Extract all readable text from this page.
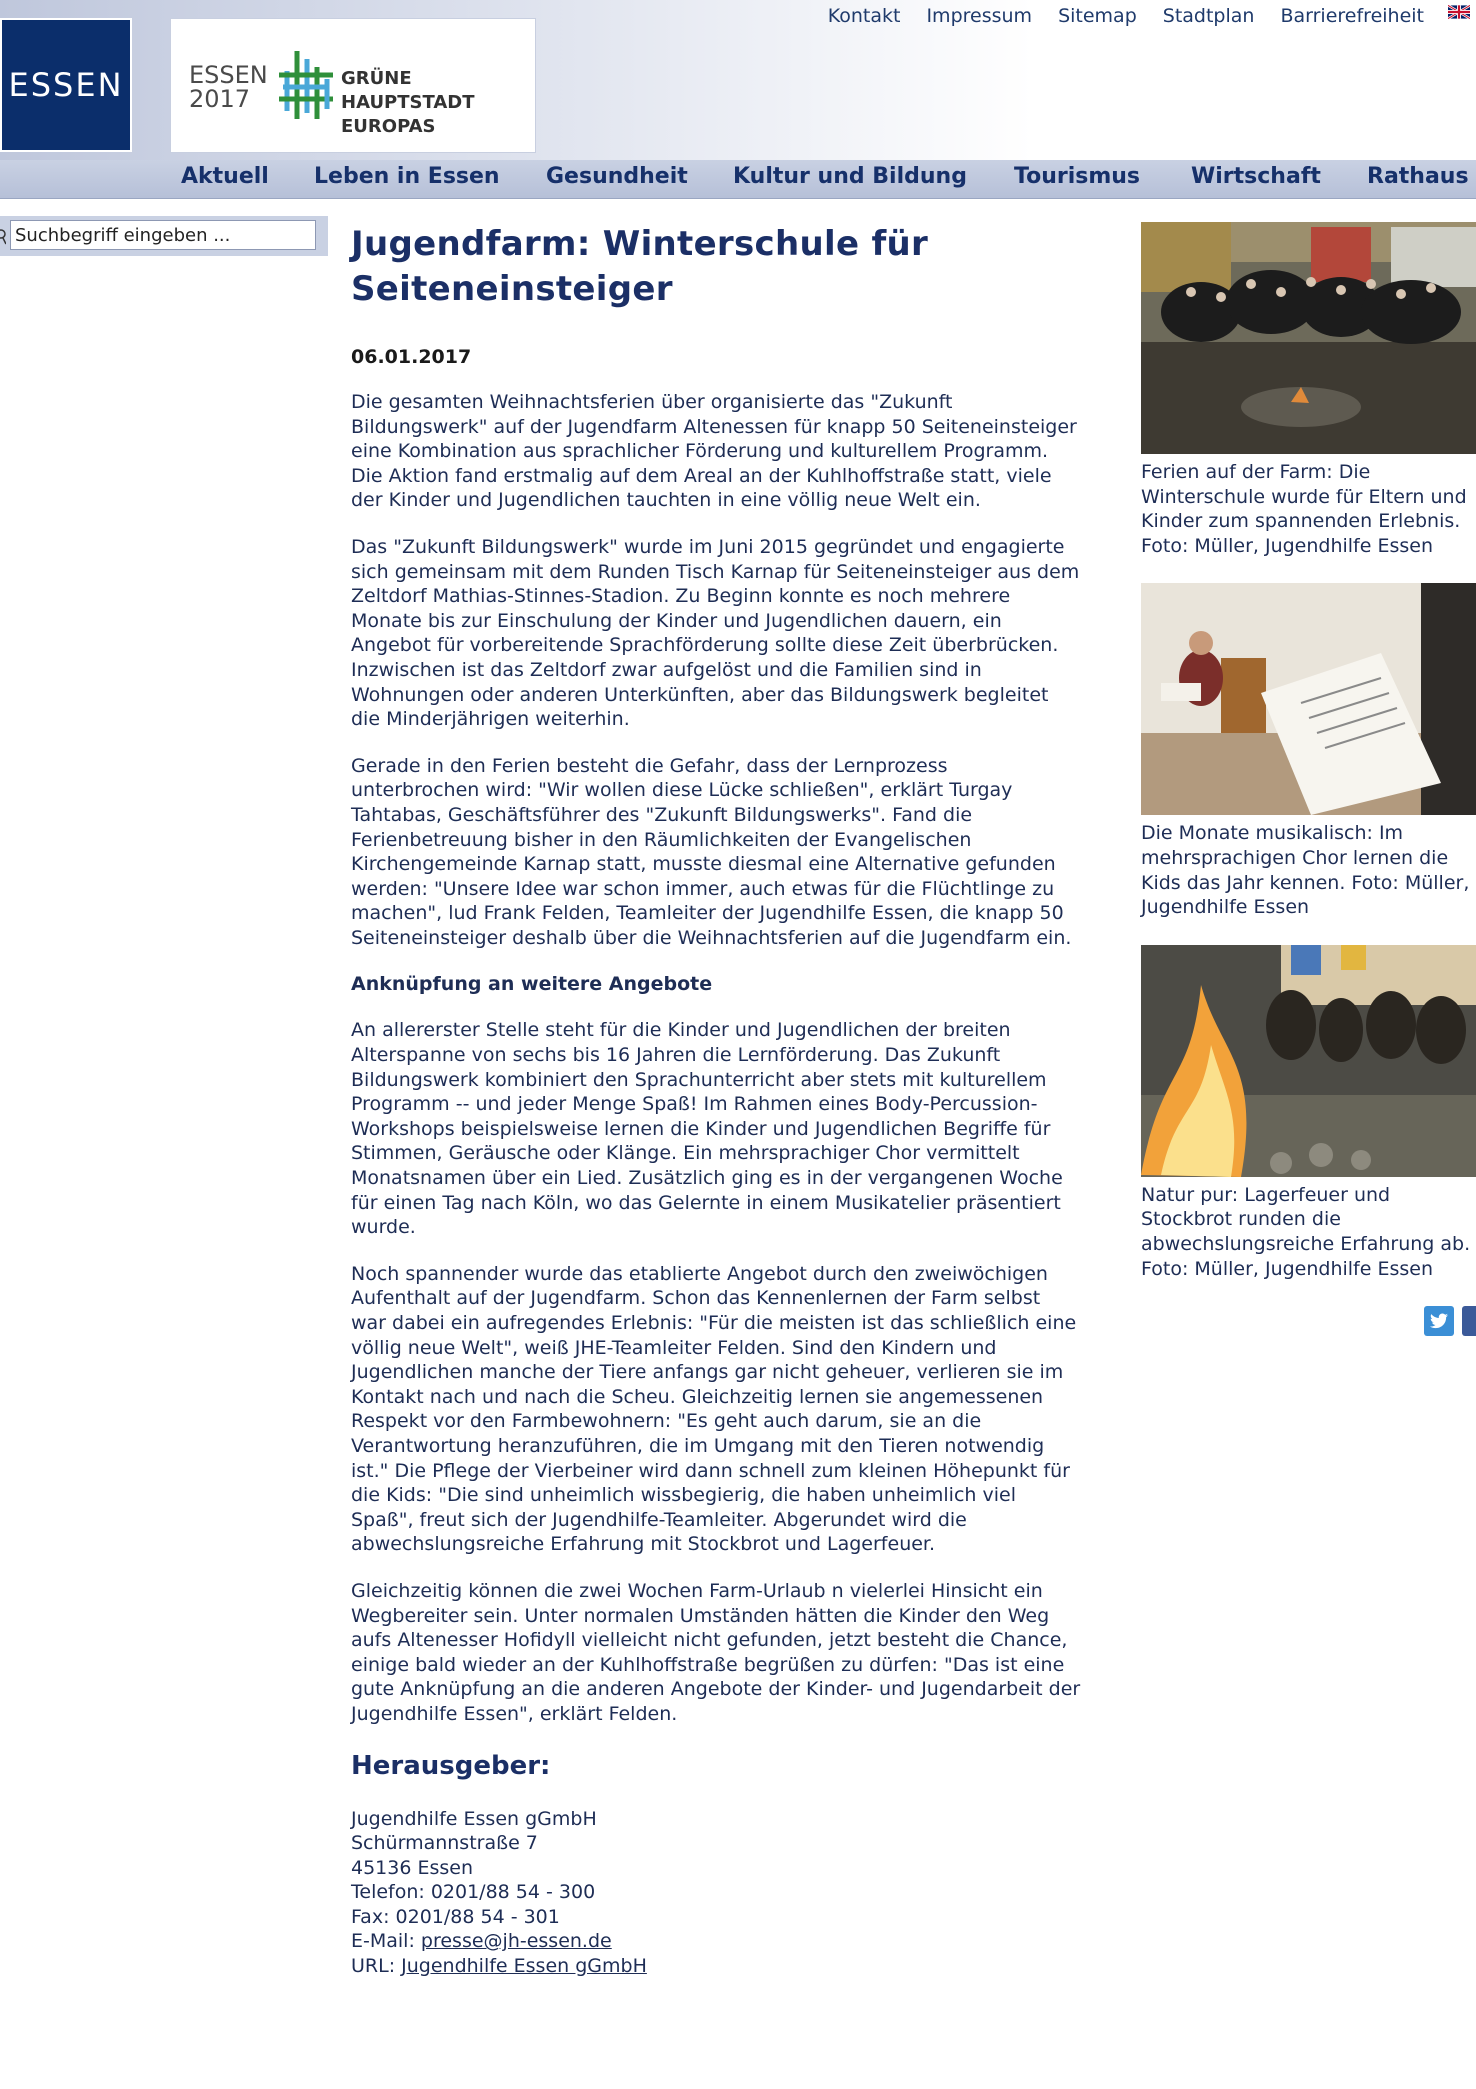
ESSEN	ESSEN
2017
GRÜNE HAUPTSTADT
EUROPAS
Kontakt Impressum Sitemap Stadtplan Barrierefreiheit
Aktuell Leben in Essen Gesundheit Kultur und Bildung Tourismus Wirtschaft Rathaus
Suchbegriff eingeben ...
Jugendfarm: Winterschule für Seiteneinsteiger
06.01.2017

Die gesamten Weihnachtsferien über organisierte das "Zukunft Bildungswerk" auf der Jugendfarm Altenessen für knapp 50 Seiteneinsteiger eine Kombination aus sprachlicher Förderung und kulturellem Programm. Die Aktion fand erstmalig auf dem Areal an der Kuhlhoffstraße statt, viele der Kinder und Jugendlichen tauchten in eine völlig neue Welt ein.

Das "Zukunft Bildungswerk" wurde im Juni 2015 gegründet und engagierte sich gemeinsam mit dem Runden Tisch Karnap für Seiteneinsteiger aus dem Zeltdorf Mathias-Stinnes-Stadion. Zu Beginn konnte es noch mehrere Monate bis zur Einschulung der Kinder und Jugendlichen dauern, ein Angebot für vorbereitende Sprachförderung sollte diese Zeit überbrücken. Inzwischen ist das Zeltdorf zwar aufgelöst und die Familien sind in Wohnungen oder anderen Unterkünften, aber das Bildungswerk begleitet die Minderjährigen weiterhin.

Gerade in den Ferien besteht die Gefahr, dass der Lernprozess unterbrochen wird: "Wir wollen diese Lücke schließen", erklärt Turgay Tahtabas, Geschäftsführer des "Zukunft Bildungswerks". Fand die Ferienbetreuung bisher in den Räumlichkeiten der Evangelischen Kirchengemeinde Karnap statt, musste diesmal eine Alternative gefunden werden: "Unsere Idee war schon immer, auch etwas für die Flüchtlinge zu machen", lud Frank Felden, Teamleiter der Jugendhilfe Essen, die knapp 50 Seiteneinsteiger deshalb über die Weihnachtsferien auf die Jugendfarm ein.

Anknüpfung an weitere Angebote

An allererster Stelle steht für die Kinder und Jugendlichen der breiten Alterspanne von sechs bis 16 Jahren die Lernförderung. Das Zukunft Bildungswerk kombiniert den Sprachunterricht aber stets mit kulturellem Programm -- und jeder Menge Spaß! Im Rahmen eines Body-Percussion-Workshops beispielsweise lernen die Kinder und Jugendlichen Begriffe für Stimmen, Geräusche oder Klänge. Ein mehrsprachiger Chor vermittelt Monatsnamen über ein Lied. Zusätzlich ging es in der vergangenen Woche für einen Tag nach Köln, wo das Gelernte in einem Musikatelier präsentiert wurde.

Noch spannender wurde das etablierte Angebot durch den zweiwöchigen Aufenthalt auf der Jugendfarm. Schon das Kennenlernen der Farm selbst war dabei ein aufregendes Erlebnis: "Für die meisten ist das schließlich eine völlig neue Welt", weiß JHE-Teamleiter Felden. Sind den Kindern und Jugendlichen manche der Tiere anfangs gar nicht geheuer, verlieren sie im Kontakt nach und nach die Scheu. Gleichzeitig lernen sie angemessenen Respekt vor den Farmbewohnern: "Es geht auch darum, sie an die Verantwortung heranzuführen, die im Umgang mit den Tieren notwendig ist." Die Pflege der Vierbeiner wird dann schnell zum kleinen Höhepunkt für die Kids: "Die sind unheimlich wissbegierig, die haben unheimlich viel Spaß", freut sich der Jugendhilfe-Teamleiter. Abgerundet wird die abwechslungsreiche Erfahrung mit Stockbrot und Lagerfeuer.

Gleichzeitig können die zwei Wochen Farm-Urlaub n vielerlei Hinsicht ein Wegbereiter sein. Unter normalen Umständen hätten die Kinder den Weg aufs Altenesser Hofidyll vielleicht nicht gefunden, jetzt besteht die Chance, einige bald wieder an der Kuhlhoffstraße begrüßen zu dürfen: "Das ist eine gute Anknüpfung an die anderen Angebote der Kinder- und Jugendarbeit der Jugendhilfe Essen", erklärt Felden.

Herausgeber:
Jugendhilfe Essen gGmbH
Schürmannstraße 7
45136 Essen
Telefon: 0201/88 54 - 300
Fax: 0201/88 54 - 301
E-Mail: presse@jh-essen.de
URL: Jugendhilfe Essen gGmbH
Ferien auf der Farm: Die
Winterschule wurde für Eltern und
Kinder zum spannenden Erlebnis.
Foto: Müller, Jugendhilfe Essen
Die Monate musikalisch: Im
mehrsprachigen Chor lernen die
Kids das Jahr kennen. Foto: Müller,
Jugendhilfe Essen
Natur pur: Lagerfeuer und
Stockbrot runden die
abwechslungsreiche Erfahrung ab.
Foto: Müller, Jugendhilfe Essen
